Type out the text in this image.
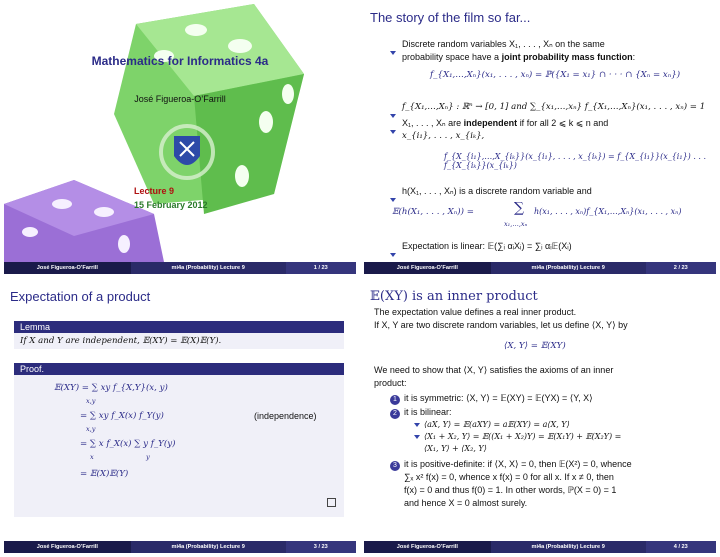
Mathematics for Informatics 4a
José Figueroa-O’Farrill
Lecture 9
15 February 2012
José Figueroa-O’Farrill	mi4a (Probability) Lecture 9	1 / 23
The story of the film so far...
Discrete random variables X₁, . . . , Xₙ on the same
probability space have a joint probability mass function:
f_{X₁,…,Xₙ}(x₁, . . . , xₙ) = ℙ({X₁ = x₁} ∩ · · · ∩ {Xₙ = xₙ})
f_{X₁,…,Xₙ} : ℝⁿ → [0, 1] and ∑_{x₁,…,xₙ} f_{X₁,…,Xₙ}(x₁, . . . , xₙ) = 1
X₁, . . . , Xₙ are independent if for all 2 ⩽ k ⩽ n and
x_{i₁}, . . . , x_{iₖ},
f_{X_{i₁},…,X_{iₖ}}(x_{i₁}, . . . , x_{iₖ}) = f_{X_{i₁}}(x_{i₁}) . . . f_{X_{iₖ}}(x_{iₖ})
h(X₁, . . . , Xₙ) is a discrete random variable and
𝔼(h(X₁, . . . , Xₙ)) =	∑
x₁,…,xₙ
h(x₁, . . . , xₙ)f_{X₁,…,Xₙ}(x₁, . . . , xₙ)
Expectation is linear: 𝔼(∑ᵢ αᵢXᵢ) = ∑ᵢ αᵢ𝔼(Xᵢ)
José Figueroa-O’Farrill	mi4a (Probability) Lecture 9	2 / 23
Expectation of a product
Lemma
If X and Y are independent, 𝔼(XY) = 𝔼(X)𝔼(Y).
Proof.
𝔼(XY) = ∑ xy f_{X,Y}(x, y)
x,y
= ∑ xy f_X(x) f_Y(y)
x,y
(independence)
= ∑ x f_X(x) ∑ y f_Y(y)
x	y
= 𝔼(X)𝔼(Y)
José Figueroa-O’Farrill	mi4a (Probability) Lecture 9	3 / 23
𝔼(XY) is an inner product
The expectation value defines a real inner product.
If X, Y are two discrete random variables, let us define ⟨X, Y⟩ by
⟨X, Y⟩ = 𝔼(XY)
We need to show that ⟨X, Y⟩ satisfies the axioms of an inner
product:
1 it is symmetric: ⟨X, Y⟩ = 𝔼(XY) = 𝔼(YX) = ⟨Y, X⟩
2 it is bilinear:
⟨aX, Y⟩ = 𝔼(aXY) = a𝔼(XY) = a⟨X, Y⟩
⟨X₁ + X₂, Y⟩ = 𝔼((X₁ + X₂)Y) = 𝔼(X₁Y) + 𝔼(X₂Y) =
⟨X₁, Y⟩ + ⟨X₂, Y⟩
3 it is positive-definite: if ⟨X, X⟩ = 0, then 𝔼(X²) = 0, whence
∑ₓ x² f(x) = 0, whence x f(x) = 0 for all x. If x ≠ 0, then
f(x) = 0 and thus f(0) = 1. In other words, ℙ(X = 0) = 1
and hence X = 0 almost surely.
José Figueroa-O’Farrill	mi4a (Probability) Lecture 9	4 / 23
